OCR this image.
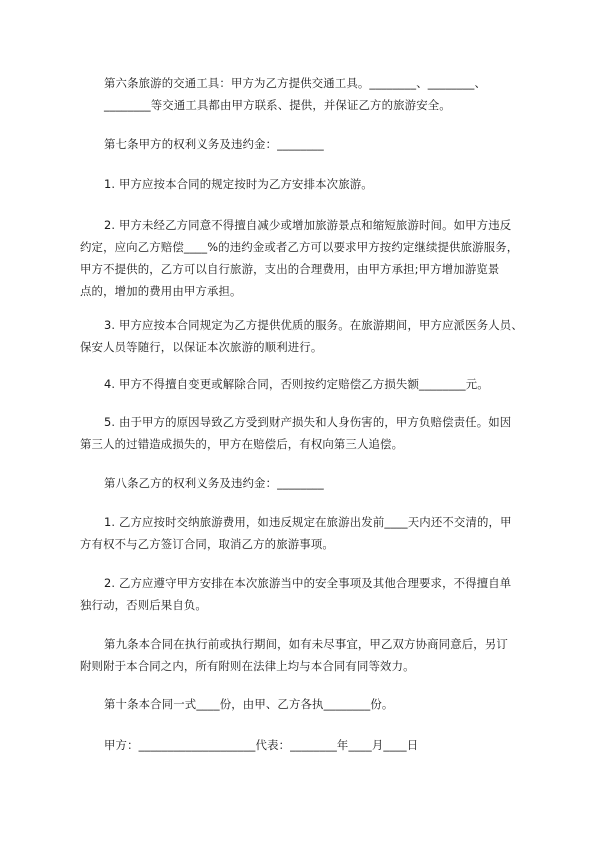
第六条旅游的交通工具：甲方为乙方提供交通工具。________、________、
________等交通工具都由甲方联系、提供，并保证乙方的旅游安全。
第七条甲方的权利义务及违约金：________
1. 甲方应按本合同的规定按时为乙方安排本次旅游。
2. 甲方未经乙方同意不得擅自减少或增加旅游景点和缩短旅游时间。如甲方违反
约定，应向乙方赔偿____%的违约金或者乙方可以要求甲方按约定继续提供旅游服务，
甲方不提供的，乙方可以自行旅游，支出的合理费用，由甲方承担;甲方增加游览景
点的，增加的费用由甲方承担。
3. 甲方应按本合同规定为乙方提供优质的服务。在旅游期间，甲方应派医务人员、
保安人员等随行，以保证本次旅游的顺利进行。
4. 甲方不得擅自变更或解除合同，否则按约定赔偿乙方损失额________元。
5. 由于甲方的原因导致乙方受到财产损失和人身伤害的，甲方负赔偿责任。如因
第三人的过错造成损失的，甲方在赔偿后，有权向第三人追偿。
第八条乙方的权利义务及违约金：________
1. 乙方应按时交纳旅游费用，如违反规定在旅游出发前____天内还不交清的，甲
方有权不与乙方签订合同，取消乙方的旅游事项。
2. 乙方应遵守甲方安排在本次旅游当中的安全事项及其他合理要求，不得擅自单
独行动，否则后果自负。
第九条本合同在执行前或执行期间，如有未尽事宜，甲乙双方协商同意后，另订
附则附于本合同之内，所有附则在法律上均与本合同有同等效力。
第十条本合同一式____份，由甲、乙方各执________份。
甲方：____________________代表：________年____月____日
